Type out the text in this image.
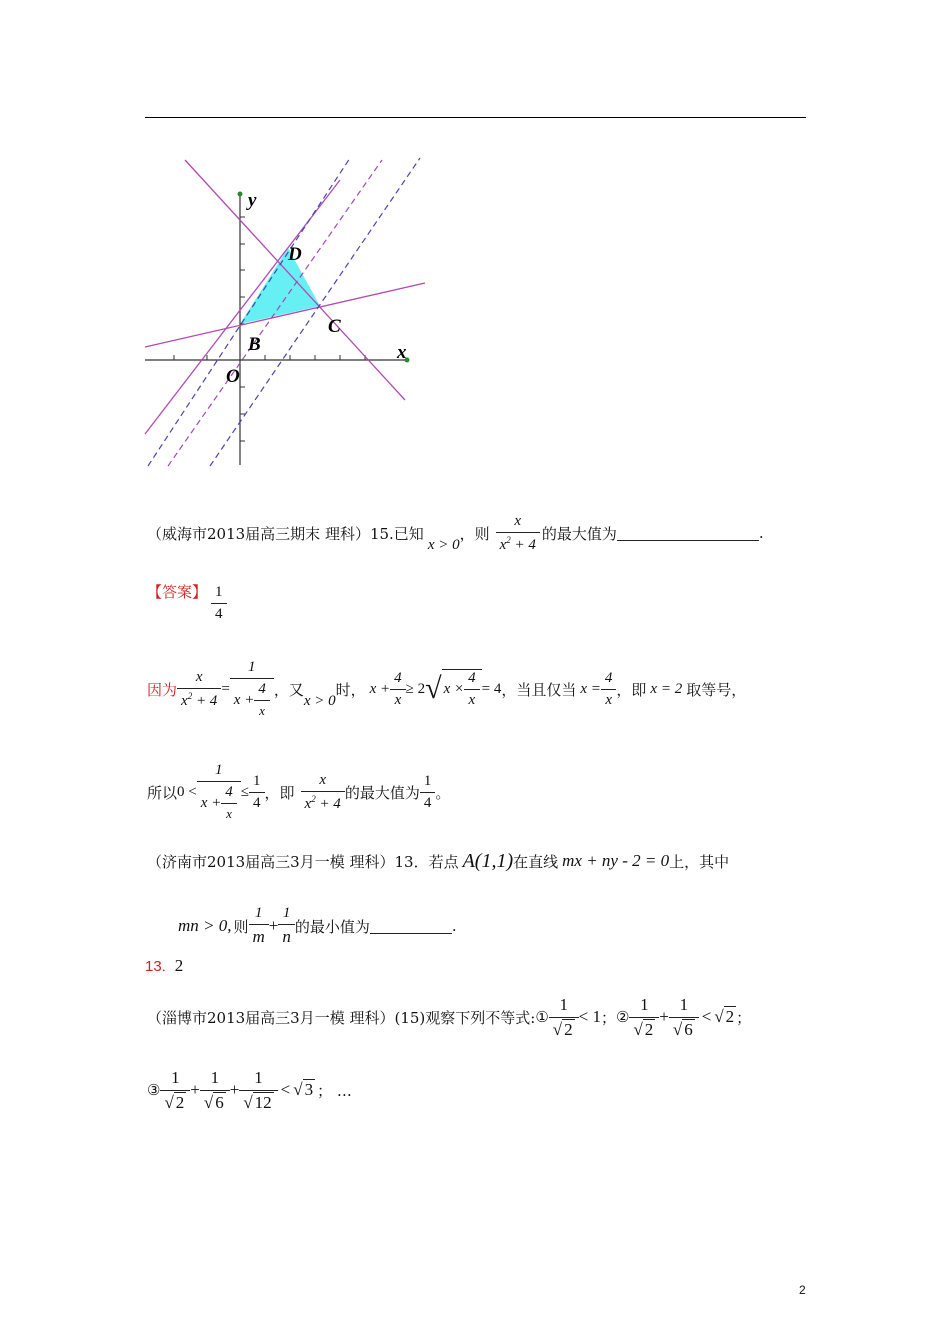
y
x
D
C
B
O
（威海市2013届高三期末 理科）15.已知
x > 0
，则 $\frac{x}{x^2 + 4}$ 的最大值为	.
【答案】 $\frac{1}{4}$
因为 $\frac{x}{x^2 + 4} = \frac{1}{x + \frac{4}{x}}$ ，又
x > 0
时， $x + \frac{4}{x} \ge 2$ √ $x \times \frac{4}{x} = 4$ ，当且仅当 $x = \frac{4}{x}$ ，即 x = 2 取等号，
所以 $0 < \frac{1}{x + \frac{4}{x}} \le \frac{1}{4}$ ，即 $\frac{x}{x^2 + 4}$ 的最大值为 $\frac{1}{4}$ 。
（济南市2013届高三3月一模 理科）13．若点 A(1,1) 在直线 mx + ny - 2 = 0 上，其中
mn > 0, 则 $\frac{1}{m} + \frac{1}{n}$ 的最小值为	.
13 ． 2
（淄博市2013届高三3月一模 理科）(15)观察下列不等式: ① $\frac{1}{√ 2} < 1$ ； ② $\frac{1}{√ 2} + \frac{1}{√ 6}$ < √ 2 ；
③ $\frac{1}{√ 2} + \frac{1}{√ 6} + \frac{1}{√ 12}$ < √ 3 ； …
2
